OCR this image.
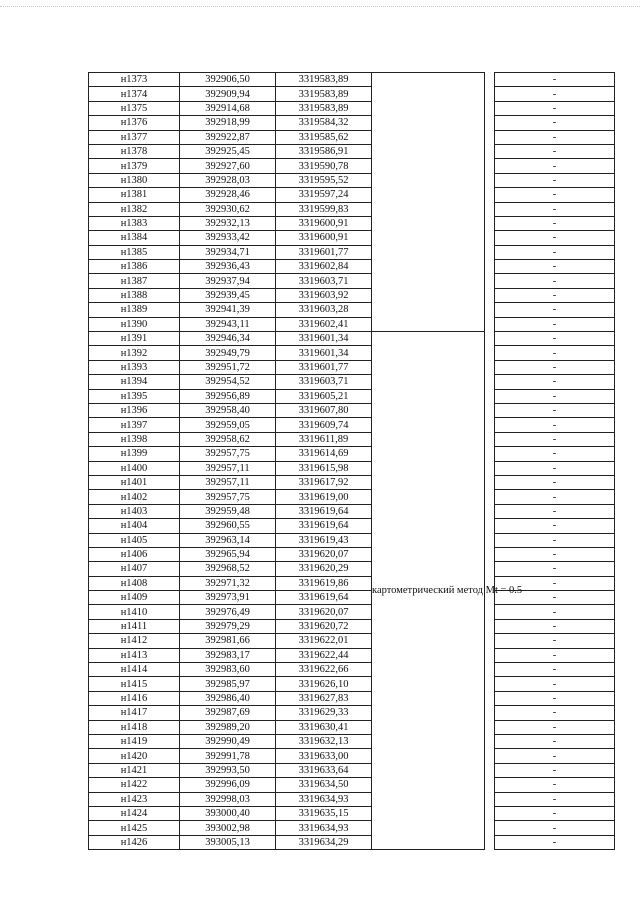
н1373	392906,50	3319583,89			-
н1374	392909,94	3319583,89			-
н1375	392914,68	3319583,89			-
н1376	392918,99	3319584,32			-
н1377	392922,87	3319585,62			-
н1378	392925,45	3319586,91			-
н1379	392927,60	3319590,78			-
н1380	392928,03	3319595,52			-
н1381	392928,46	3319597,24			-
н1382	392930,62	3319599,83			-
н1383	392932,13	3319600,91			-
н1384	392933,42	3319600,91			-
н1385	392934,71	3319601,77			-
н1386	392936,43	3319602,84			-
н1387	392937,94	3319603,71			-
н1388	392939,45	3319603,92			-
н1389	392941,39	3319603,28			-
н1390	392943,11	3319602,41			-
н1391	392946,34	3319601,34	картометрический метод Mt = 0.5		-
н1392	392949,79	3319601,34			-
н1393	392951,72	3319601,77			-
н1394	392954,52	3319603,71			-
н1395	392956,89	3319605,21			-
н1396	392958,40	3319607,80			-
н1397	392959,05	3319609,74			-
н1398	392958,62	3319611,89			-
н1399	392957,75	3319614,69			-
н1400	392957,11	3319615,98			-
н1401	392957,11	3319617,92			-
н1402	392957,75	3319619,00			-
н1403	392959,48	3319619,64			-
н1404	392960,55	3319619,64			-
н1405	392963,14	3319619,43			-
н1406	392965,94	3319620,07			-
н1407	392968,52	3319620,29			-
н1408	392971,32	3319619,86			-
н1409	392973,91	3319619,64			-
н1410	392976,49	3319620,07			-
н1411	392979,29	3319620,72			-
н1412	392981,66	3319622,01			-
н1413	392983,17	3319622,44			-
н1414	392983,60	3319622,66			-
н1415	392985,97	3319626,10			-
н1416	392986,40	3319627,83			-
н1417	392987,69	3319629,33			-
н1418	392989,20	3319630,41			-
н1419	392990,49	3319632,13			-
н1420	392991,78	3319633,00			-
н1421	392993,50	3319633,64			-
н1422	392996,09	3319634,50			-
н1423	392998,03	3319634,93			-
н1424	393000,40	3319635,15			-
н1425	393002,98	3319634,93			-
н1426	393005,13	3319634,29			-
